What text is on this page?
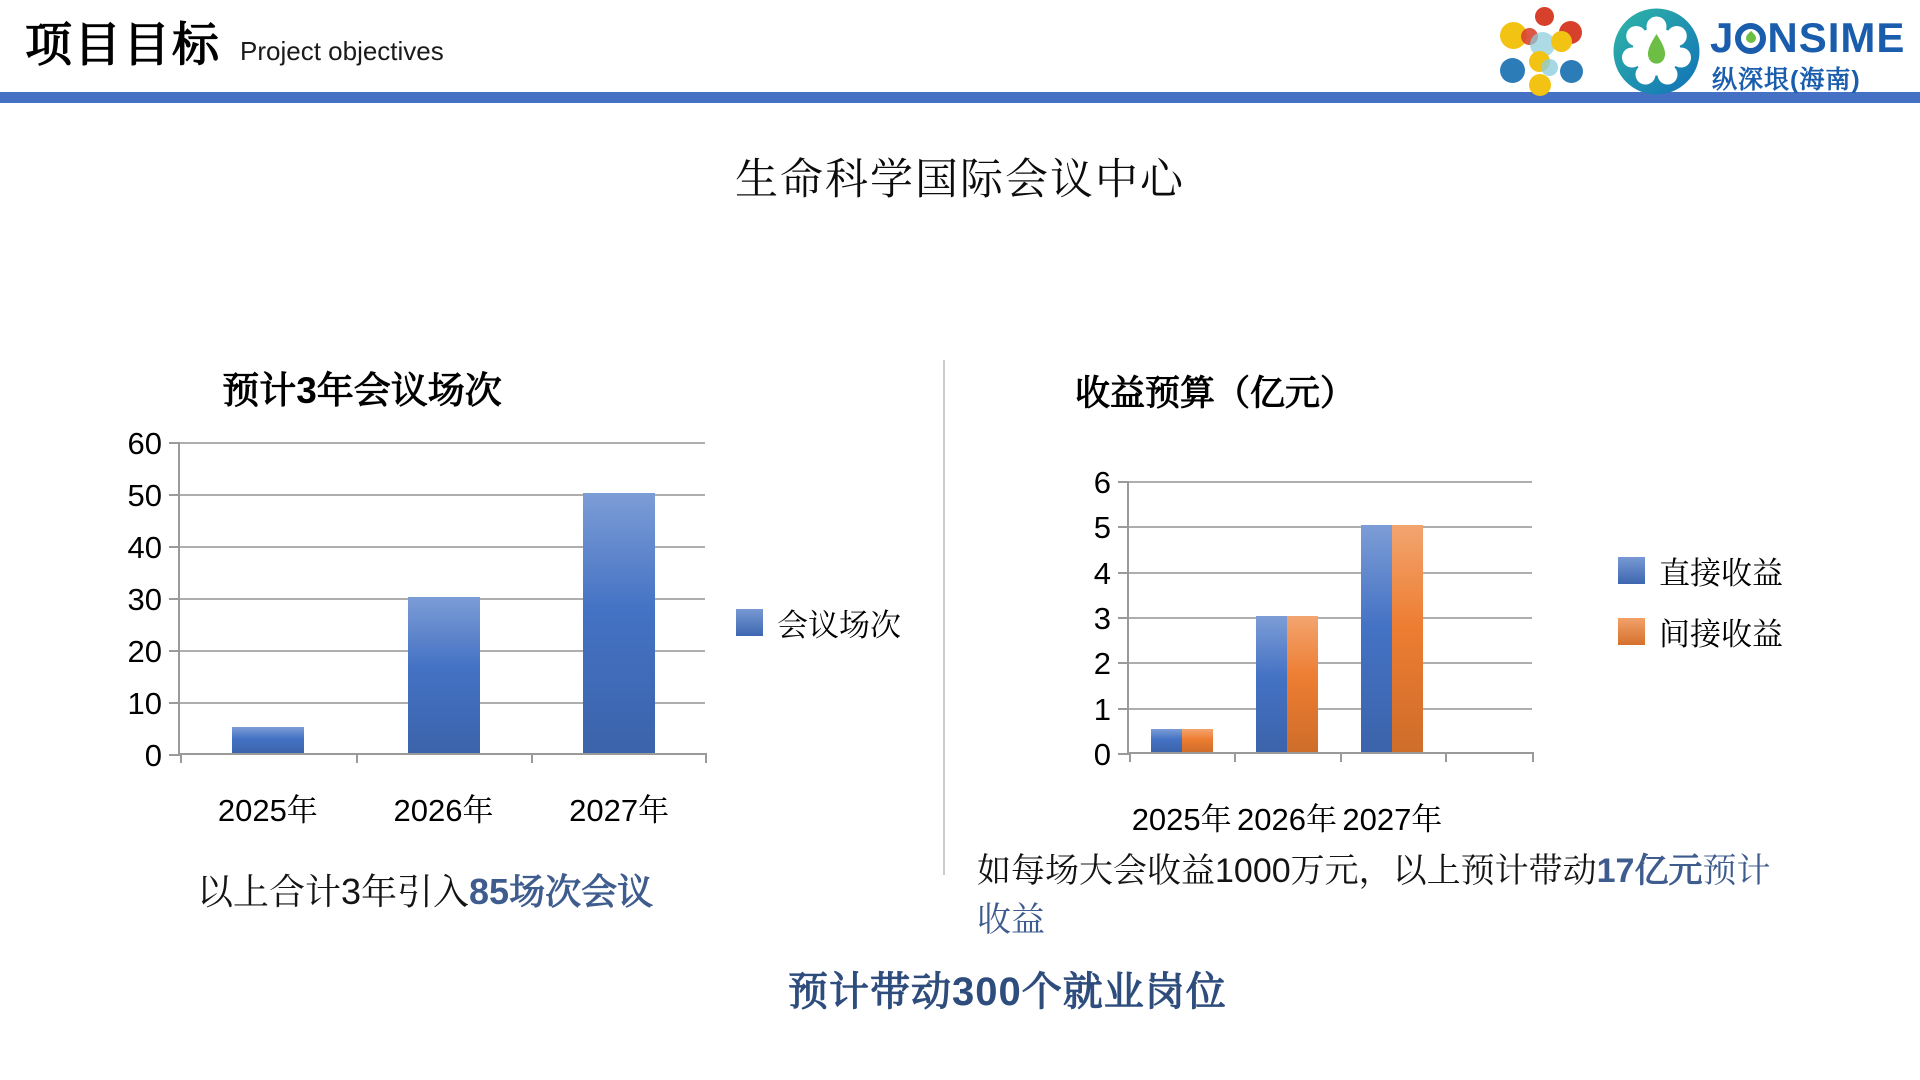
项目目标 Project objectives	J NSIME
纵深垠(海南)
生命科学国际会议中心
预计3年会议场次
0
10
20
30
40
50
60
2025年	2026年	2027年
会议场次
收益预算（亿元）
0
1
2
3
4
5
6
2025年 2026年 2027年
直接收益
间接收益
以上合计3年引入85场次会议	如每场大会收益1000万元，以上预计带动17亿元预计收益
预计带动300个就业岗位
